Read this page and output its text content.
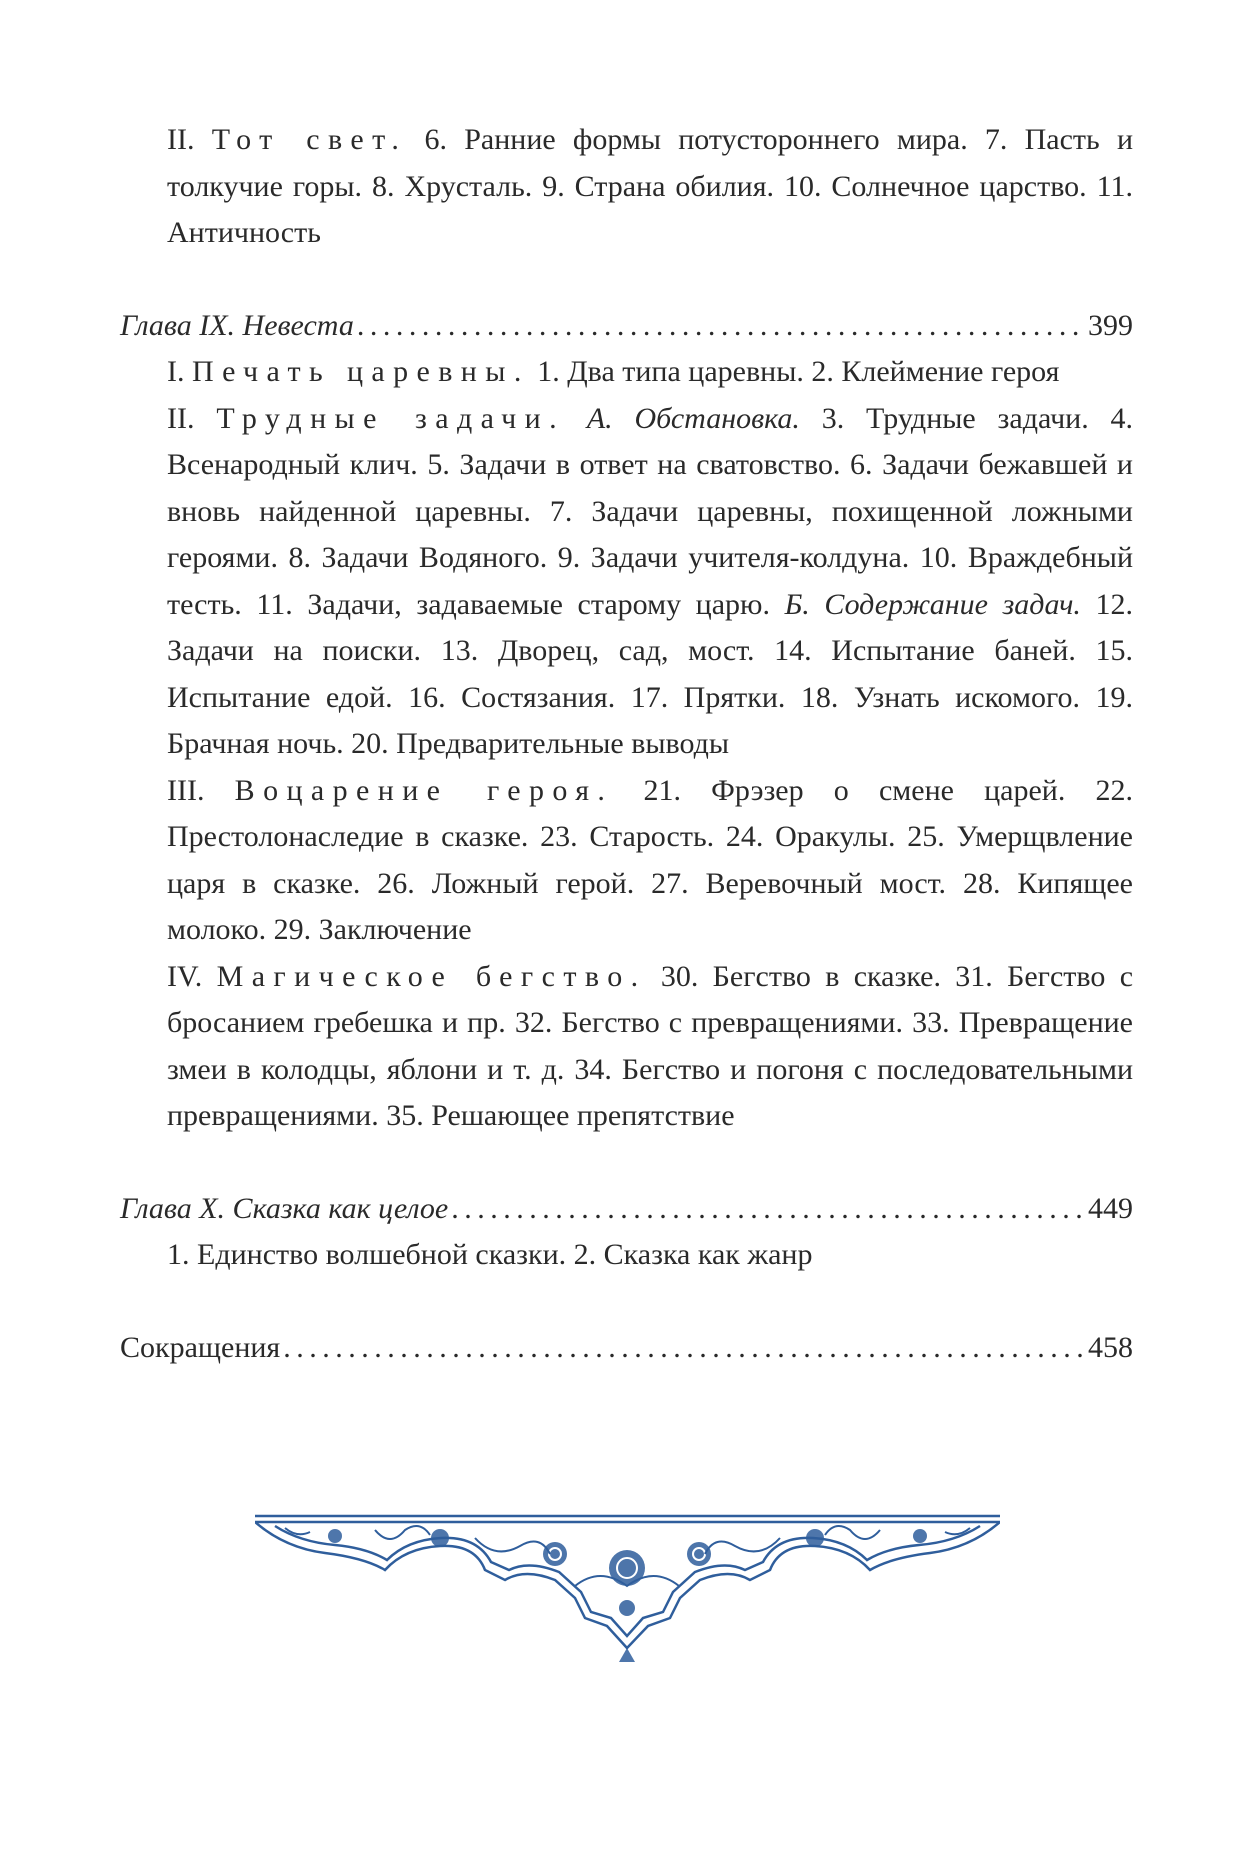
II. Тот свет. 6. Ранние формы потустороннего мира. 7. Пасть и толкучие горы. 8. Хрусталь. 9. Страна обилия. 10. Солнечное царство. 11. Античность
Глава IX. Невеста . . .	399
I. Печать царевны. 1. Два типа царевны. 2. Клеймение героя
II. Трудные задачи. А. Обстановка. 3. Трудные задачи. 4. Всенародный клич. 5. Задачи в ответ на сватовство. 6. Задачи бежавшей и вновь найденной царевны. 7. Задачи царевны, похищенной ложными героями. 8. Задачи Водяного. 9. Задачи учителя-колдуна. 10. Враждебный тесть. 11. Задачи, задаваемые старому царю. Б. Содержание задач. 12. Задачи на поиски. 13. Дворец, сад, мост. 14. Испытание баней. 15. Испытание едой. 16. Состязания. 17. Прятки. 18. Узнать искомого. 19. Брачная ночь. 20. Предварительные выводы
III. Воцарение героя. 21. Фрэзер о смене царей. 22. Престолонаследие в сказке. 23. Старость. 24. Оракулы. 25. Умерщвление царя в сказке. 26. Ложный герой. 27. Веревочный мост. 28. Кипящее молоко. 29. Заключение
IV. Магическое бегство. 30. Бегство в сказке. 31. Бегство с бросанием гребешка и пр. 32. Бегство с превращениями. 33. Превращение змеи в колодцы, яблони и т. д. 34. Бегство и погоня с последовательными превращениями. 35. Решающее препятствие
Глава X. Сказка как целое . . .	449
1. Единство волшебной сказки. 2. Сказка как жанр
Сокращения . . .	458
